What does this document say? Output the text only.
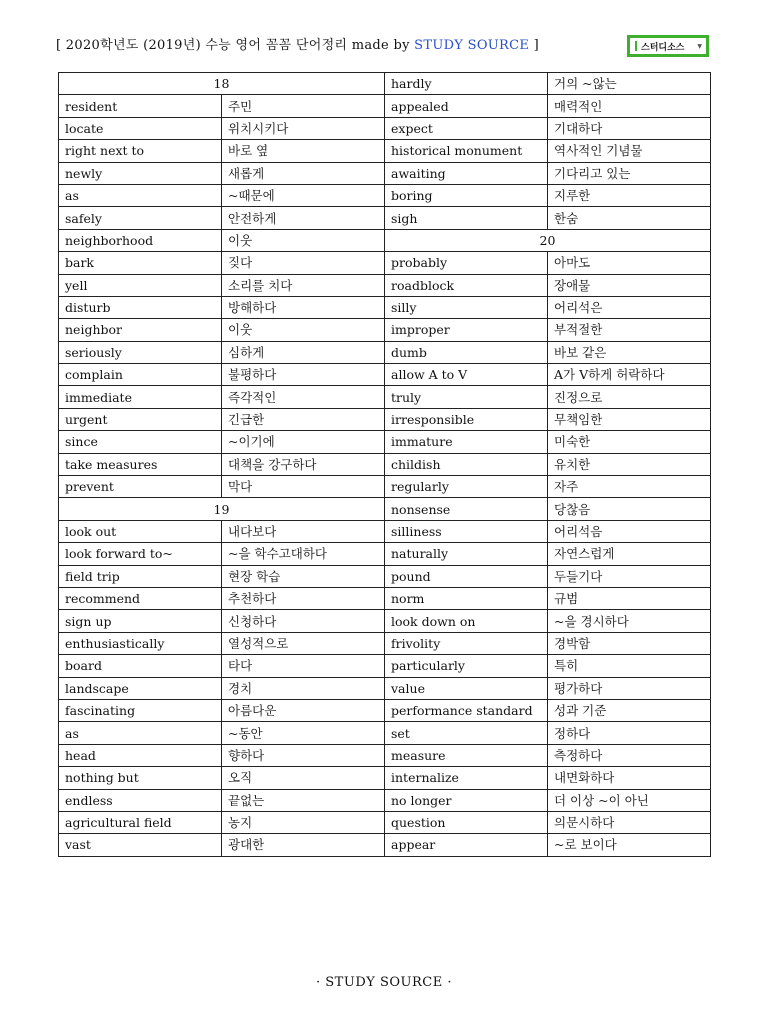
[ 2020학년도 (2019년) 수능 영어 꼼꼼 단어정리 made by STUDY SOURCE ]	스터디소스 ▼
18		hardly	거의 ~않는
resident	주민	appealed	매력적인
locate	위치시키다	expect	기대하다
right next to	바로 옆	historical monument	역사적인 기념물
newly	새롭게	awaiting	기다리고 있는
as	~때문에	boring	지루한
safely	안전하게	sigh	한숨
neighborhood	이웃	20	
bark	짖다	probably	아마도
yell	소리를 치다	roadblock	장애물
disturb	방해하다	silly	어리석은
neighbor	이웃	improper	부적절한
seriously	심하게	dumb	바보 같은
complain	불평하다	allow A to V	A가 V하게 허락하다
immediate	즉각적인	truly	진정으로
urgent	긴급한	irresponsible	무책임한
since	~이기에	immature	미숙한
take measures	대책을 강구하다	childish	유치한
prevent	막다	regularly	자주
19		nonsense	당찮음
look out	내다보다	silliness	어리석음
look forward to~	~을 학수고대하다	naturally	자연스럽게
field trip	현장 학습	pound	두들기다
recommend	추천하다	norm	규범
sign up	신청하다	look down on	~을 경시하다
enthusiastically	열성적으로	frivolity	경박함
board	타다	particularly	특히
landscape	경치	value	평가하다
fascinating	아름다운	performance standard	성과 기준
as	~동안	set	정하다
head	향하다	measure	측정하다
nothing but	오직	internalize	내면화하다
endless	끝없는	no longer	더 이상 ~이 아닌
agricultural field	농지	question	의문시하다
vast	광대한	appear	~로 보이다
· STUDY SOURCE ·
